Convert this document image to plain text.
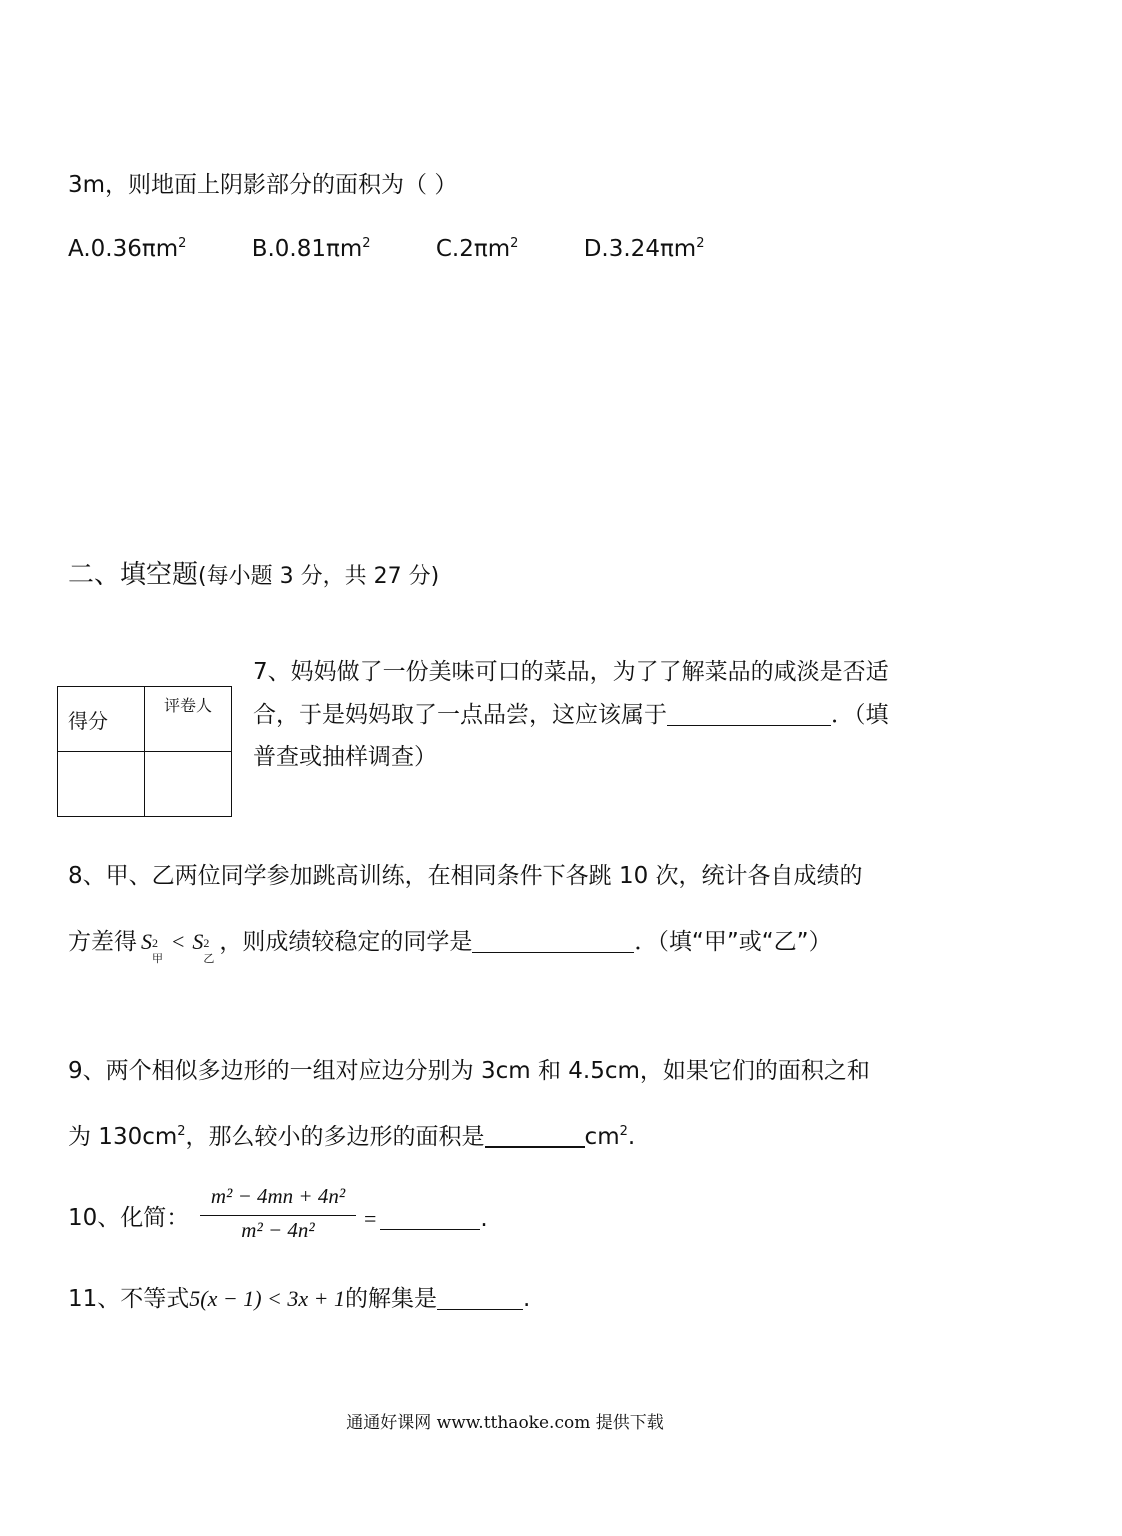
3m，则地面上阴影部分的面积为（ ）
$A.0.36\pi m^2$	$B.0.81\pi m^2$	$C.2\pi m^2$	$D.3.24\pi m^2$
二、填空题(每小题 3 分，共 27 分)
得分	评卷人

7、妈妈做了一份美味可口的菜品，为了了解菜品的咸淡是否适
合，于是妈妈取了一点品尝，这应该属于	．（填
普查或抽样调查）
8、甲、乙两位同学参加跳高训练，在相同条件下各跳 10 次，统计各自成绩的
方差得 S 2
甲
< S 2
乙
，则成绩较稳定的同学是	．（填“甲”或“乙”）
9、两个相似多边形的一组对应边分别为 3cm 和 4.5cm，如果它们的面积之和
为 $130cm^2$，那么较小的多边形的面积是	$cm^2$.
10、化简：
m² − 4mn + 4n²
m² − 4n²	=	.
11、不等式5(x − 1) < 3x + 1的解集是	.
通通好课网 www.tthaoke.com 提供下载
